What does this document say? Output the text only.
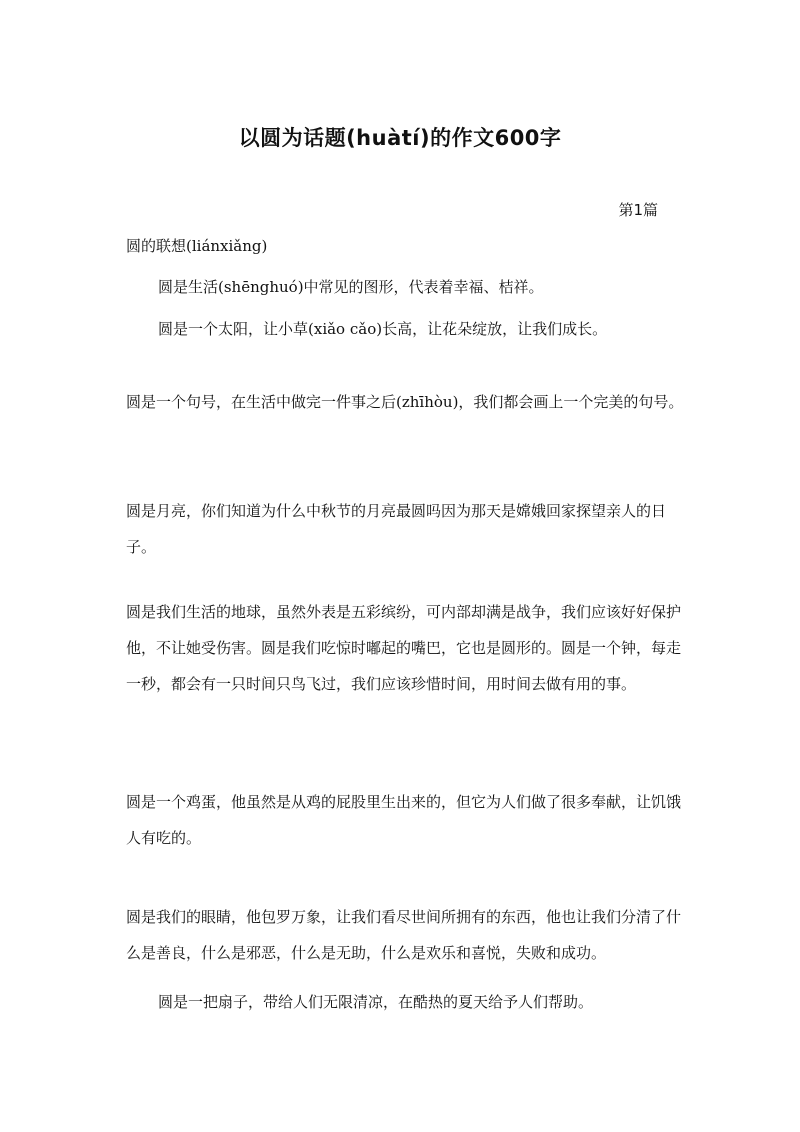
以圆为话题(huàtí)的作文600字

第1篇

圆的联想(liánxiǎng)

圆是生活(shēnghuó)中常见的图形，代表着幸福、桔祥。

圆是一个太阳，让小草(xiǎo cǎo)长高，让花朵绽放，让我们成长。

圆是一个句号，在生活中做完一件事之后(zhīhòu)，我们都会画上一个完美的句号。

圆是月亮，你们知道为什么中秋节的月亮最圆吗因为那天是嫦娥回家探望亲人的日子。

圆是我们生活的地球，虽然外表是五彩缤纷，可内部却满是战争，我们应该好好保护他，不让她受伤害。圆是我们吃惊时嘟起的嘴巴，它也是圆形的。圆是一个钟，每走一秒，都会有一只时间只鸟飞过，我们应该珍惜时间，用时间去做有用的事。

圆是一个鸡蛋，他虽然是从鸡的屁股里生出来的，但它为人们做了很多奉献，让饥饿人有吃的。

圆是我们的眼睛，他包罗万象，让我们看尽世间所拥有的东西，他也让我们分清了什么是善良，什么是邪恶，什么是无助，什么是欢乐和喜悦，失败和成功。

圆是一把扇子，带给人们无限清凉，在酷热的夏天给予人们帮助。
